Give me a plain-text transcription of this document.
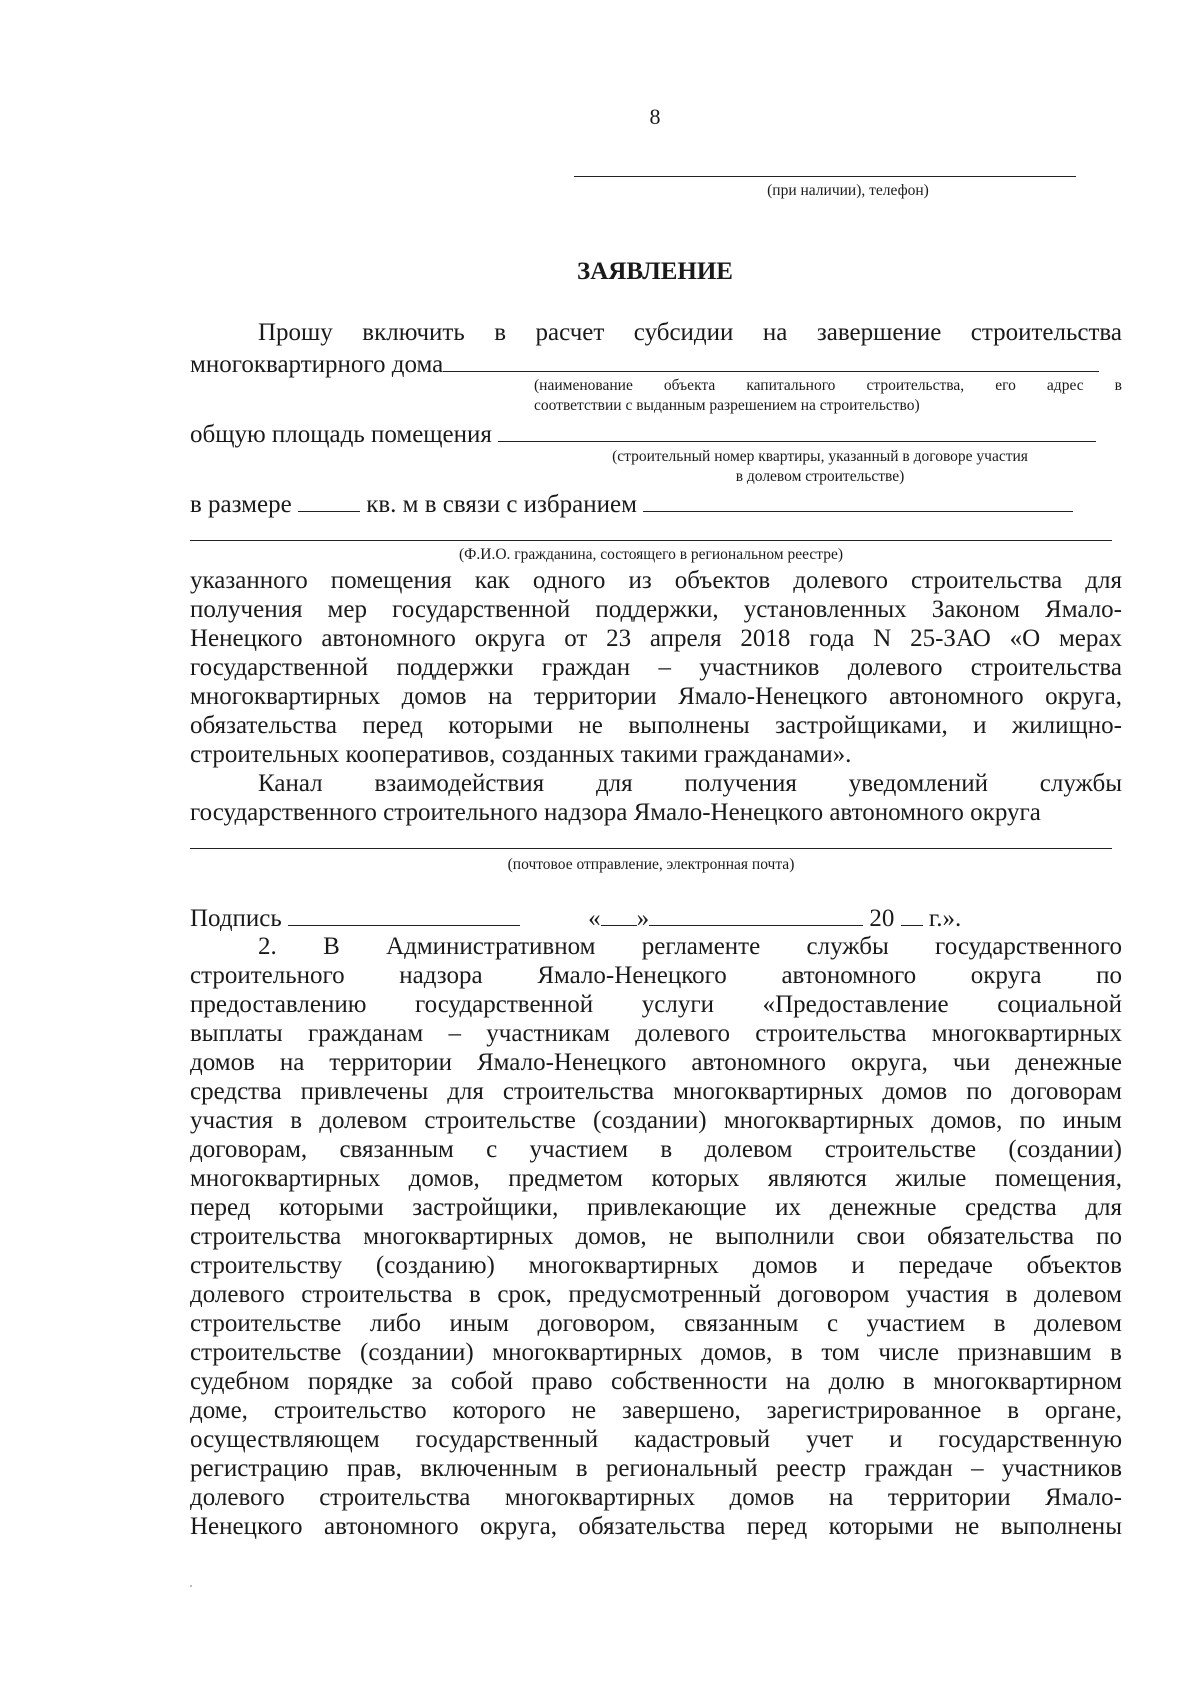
8
(при наличии), телефон)
ЗАЯВЛЕНИЕ
Прошу включить в расчет субсидии на завершение строительства
многоквартирного дома
(наименование объекта капитального строительства, его адрес в
соответствии с выданным разрешением на строительство)
общую площадь помещения
(строительный номер квартиры, указанный в договоре участия
в долевом строительстве)
в размере	кв. м в связи с избранием
(Ф.И.О. гражданина, состоящего в региональном реестре)
указанного помещения как одного из объектов долевого строительства для
получения мер государственной поддержки, установленных Законом Ямало-
Ненецкого автономного округа от 23 апреля 2018 года N 25-ЗАО «О мерах
государственной поддержки граждан – участников долевого строительства
многоквартирных домов на территории Ямало-Ненецкого автономного округа,
обязательства перед которыми не выполнены застройщиками, и жилищно-
строительных кооперативов, созданных такими гражданами».
Канал взаимодействия для получения уведомлений службы
государственного строительного надзора Ямало-Ненецкого автономного округа
(почтовое отправление, электронная почта)
Подпись	« »	20 г.».
2. В Административном регламенте службы государственного
строительного надзора Ямало-Ненецкого автономного округа по
предоставлению государственной услуги «Предоставление социальной
выплаты гражданам – участникам долевого строительства многоквартирных
домов на территории Ямало-Ненецкого автономного округа, чьи денежные
средства привлечены для строительства многоквартирных домов по договорам
участия в долевом строительстве (создании) многоквартирных домов, по иным
договорам, связанным с участием в долевом строительстве (создании)
многоквартирных домов, предметом которых являются жилые помещения,
перед которыми застройщики, привлекающие их денежные средства для
строительства многоквартирных домов, не выполнили свои обязательства по
строительству (созданию) многоквартирных домов и передаче объектов
долевого строительства в срок, предусмотренный договором участия в долевом
строительстве либо иным договором, связанным с участием в долевом
строительстве (создании) многоквартирных домов, в том числе признавшим в
судебном порядке за собой право собственности на долю в многоквартирном
доме, строительство которого не завершено, зарегистрированное в органе,
осуществляющем государственный кадастровый учет и государственную
регистрацию прав, включенным в региональный реестр граждан – участников
долевого строительства многоквартирных домов на территории Ямало-
Ненецкого автономного округа, обязательства перед которыми не выполнены
